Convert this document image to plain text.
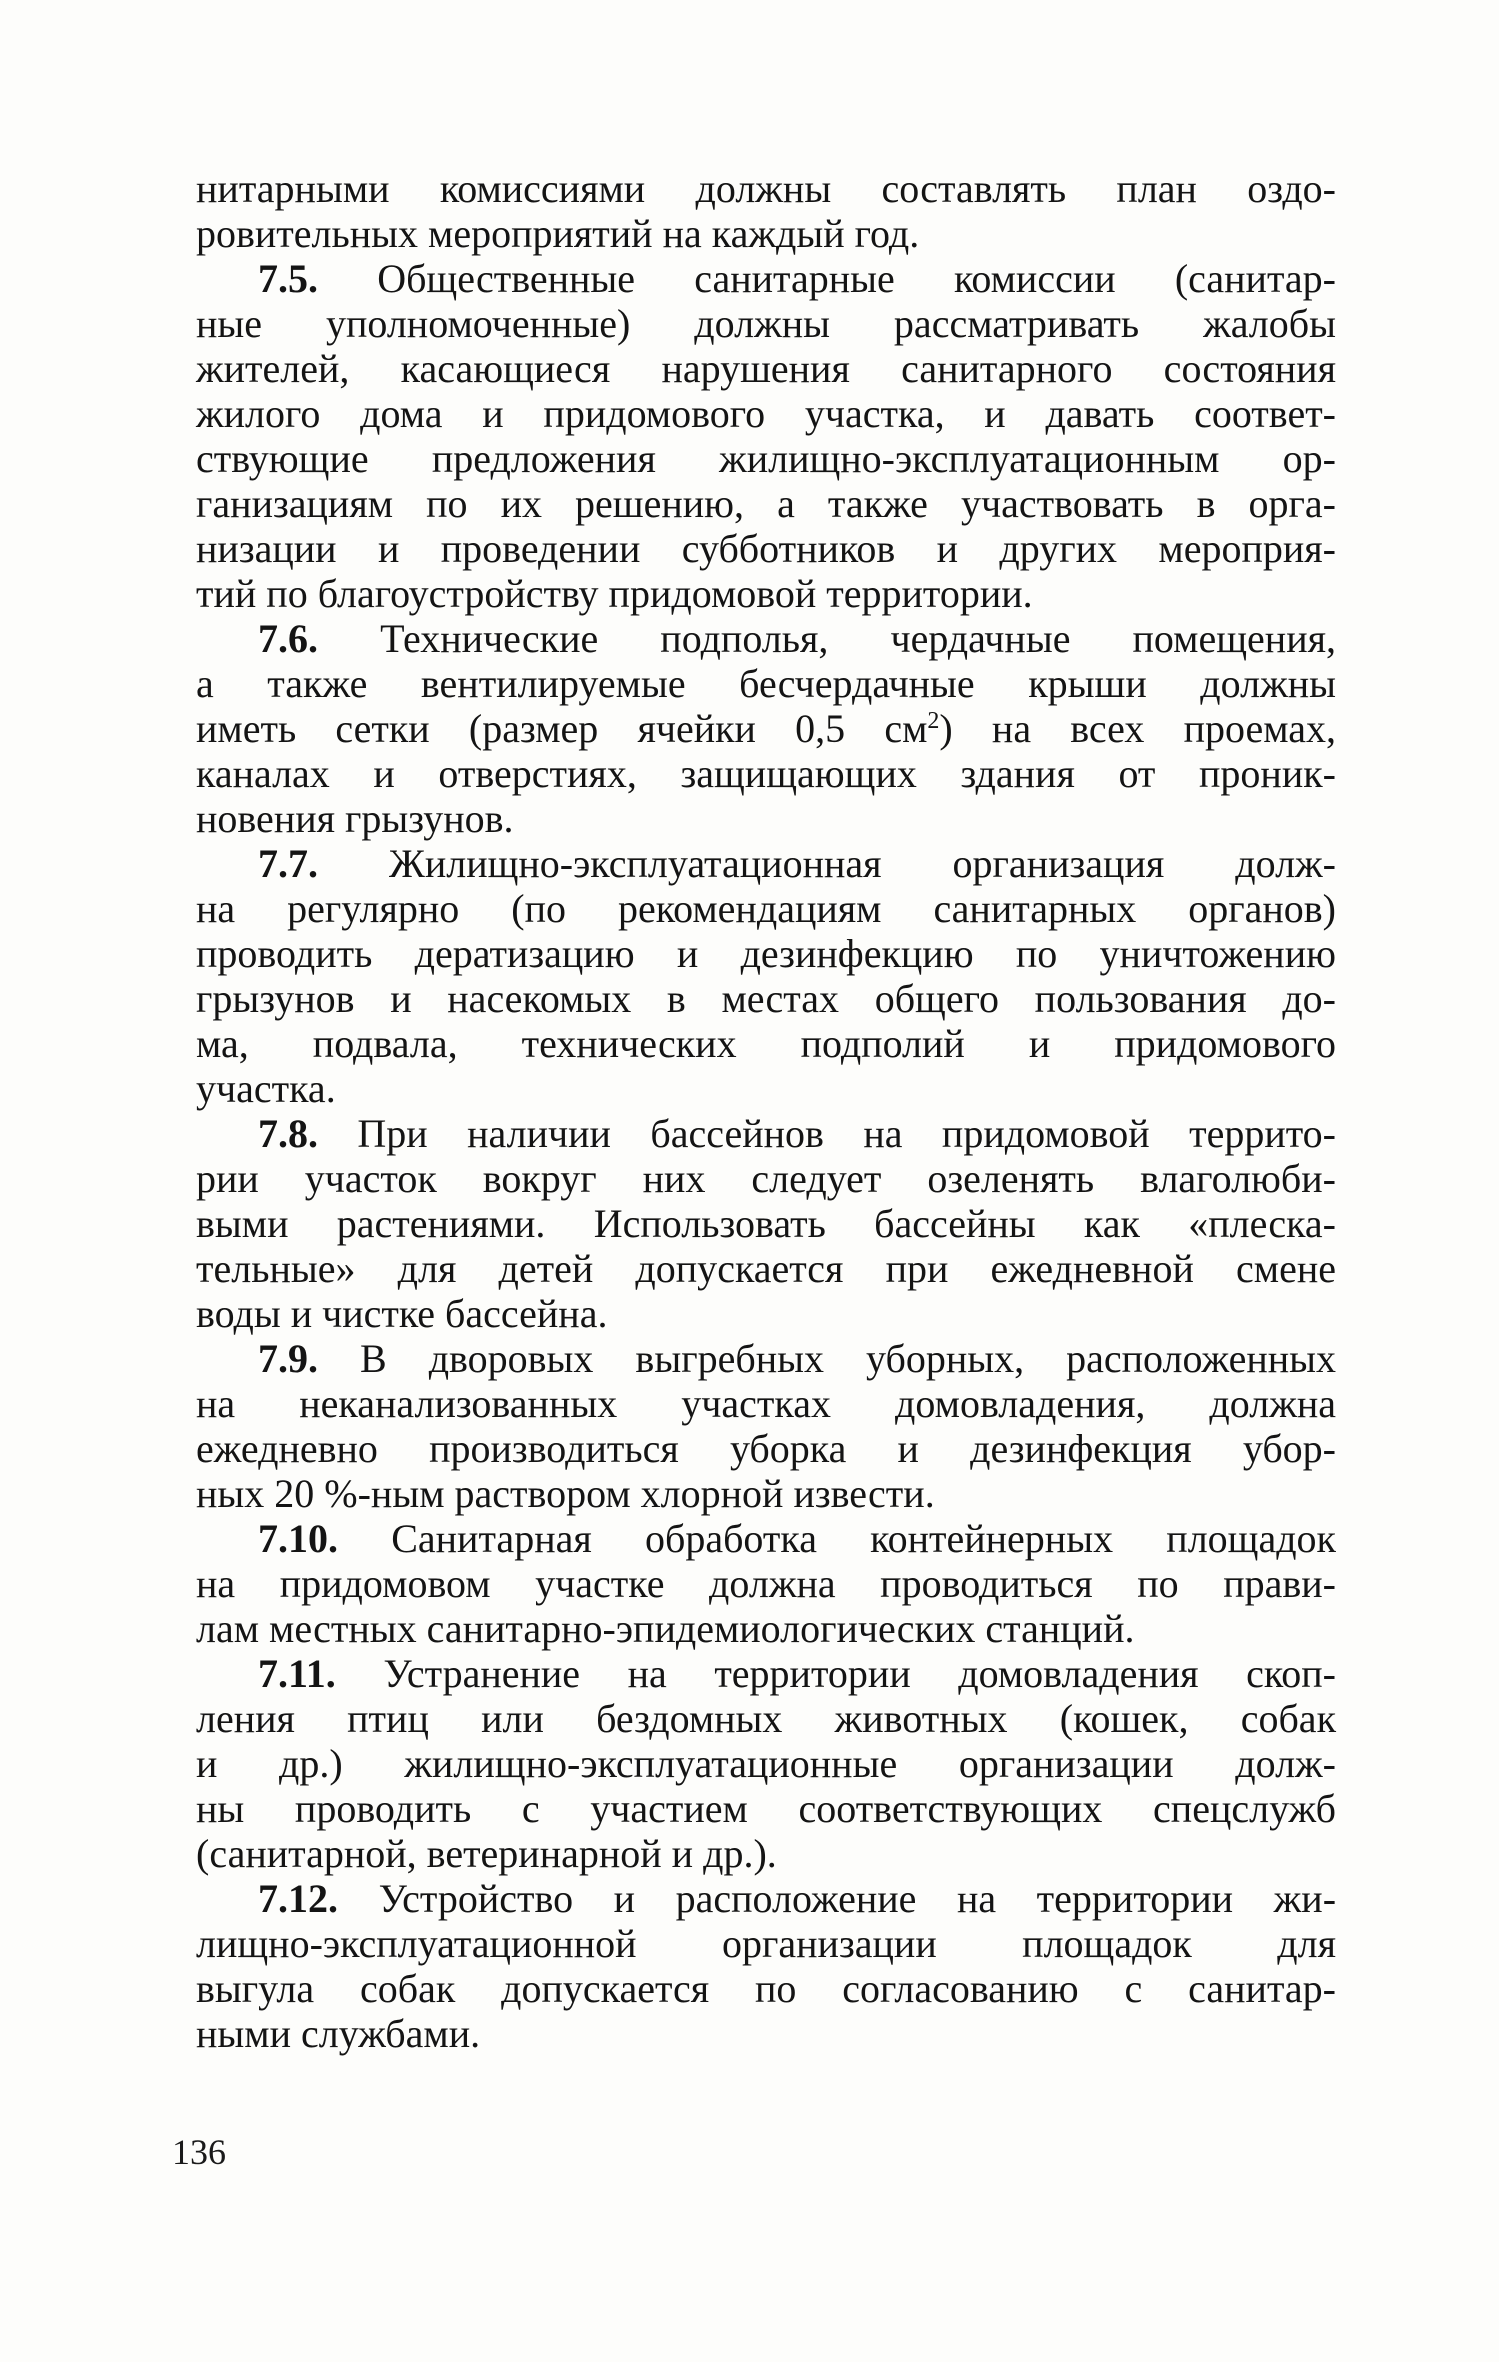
нитарными комиссиями должны составлять план оздо-
ровительных мероприятий на каждый год.

7.5. Общественные санитарные комиссии (санитар-
ные уполномоченные) должны рассматривать жалобы
жителей, касающиеся нарушения санитарного состояния
жилого дома и придомового участка, и давать соответ-
ствующие предложения жилищно-эксплуатационным ор-
ганизациям по их решению, а также участвовать в орга-
низации и проведении субботников и других мероприя-
тий по благоустройству придомовой территории.

7.6. Технические подполья, чердачные помещения,
а также вентилируемые бесчердачные крыши должны
иметь сетки (размер ячейки 0,5 $см^2$) на всех проемах,
каналах и отверстиях, защищающих здания от проник-
новения грызунов.

7.7. Жилищно-эксплуатационная организация долж-
на регулярно (по рекомендациям санитарных органов)
проводить дератизацию и дезинфекцию по уничтожению
грызунов и насекомых в местах общего пользования до-
ма, подвала, технических подполий и придомового
участка.

7.8. При наличии бассейнов на придомовой террито-
рии участок вокруг них следует озеленять влаголюби-
выми растениями. Использовать бассейны как «плеска-
тельные» для детей допускается при ежедневной смене
воды и чистке бассейна.

7.9. В дворовых выгребных уборных, расположенных
на неканализованных участках домовладения, должна
ежедневно производиться уборка и дезинфекция убор-
ных 20 %-ным раствором хлорной извести.

7.10. Санитарная обработка контейнерных площадок
на придомовом участке должна проводиться по прави-
лам местных санитарно-эпидемиологических станций.

7.11. Устранение на территории домовладения скоп-
ления птиц или бездомных животных (кошек, собак
и др.) жилищно-эксплуатационные организации долж-
ны проводить с участием соответствующих спецслужб
(санитарной, ветеринарной и др.).

7.12. Устройство и расположение на территории жи-
лищно-эксплуатационной организации площадок для
выгула собак допускается по согласованию с санитар-
ными службами.

136
